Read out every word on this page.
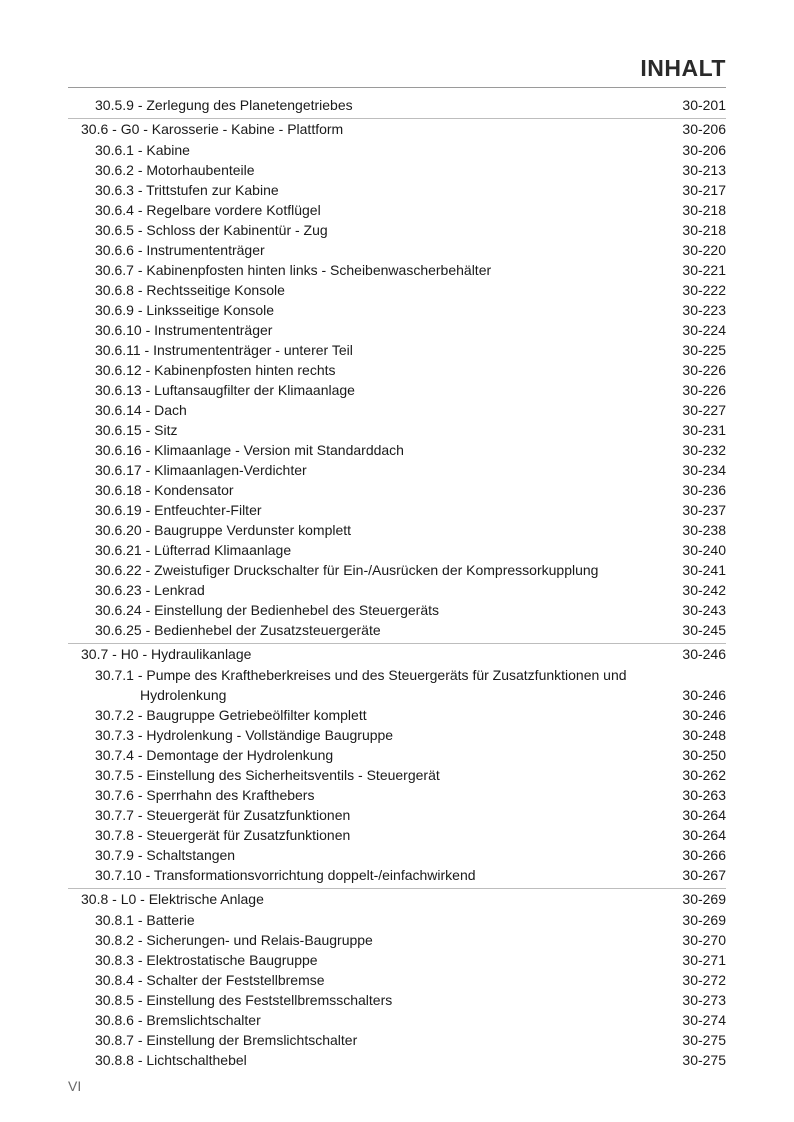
INHALT
30.5.9 - Zerlegung des Planetengetriebes	30-201
30.6 - G0 - Karosserie - Kabine - Plattform	30-206
30.6.1 - Kabine	30-206
30.6.2 - Motorhaubenteile	30-213
30.6.3 - Trittstufen zur Kabine	30-217
30.6.4 - Regelbare vordere Kotflügel	30-218
30.6.5 - Schloss der Kabinentür - Zug	30-218
30.6.6 - Instrumententräger	30-220
30.6.7 - Kabinenpfosten hinten links - Scheibenwascherbehälter	30-221
30.6.8 - Rechtsseitige Konsole	30-222
30.6.9 - Linksseitige Konsole	30-223
30.6.10 - Instrumententräger	30-224
30.6.11 - Instrumententräger - unterer Teil	30-225
30.6.12 - Kabinenpfosten hinten rechts	30-226
30.6.13 - Luftansaugfilter der Klimaanlage	30-226
30.6.14 - Dach	30-227
30.6.15 - Sitz	30-231
30.6.16 - Klimaanlage - Version mit Standarddach	30-232
30.6.17 - Klimaanlagen-Verdichter	30-234
30.6.18 - Kondensator	30-236
30.6.19 - Entfeuchter-Filter	30-237
30.6.20 - Baugruppe Verdunster komplett	30-238
30.6.21 - Lüfterrad Klimaanlage	30-240
30.6.22 - Zweistufiger Druckschalter für Ein-/Ausrücken der Kompressorkupplung	30-241
30.6.23 - Lenkrad	30-242
30.6.24 - Einstellung der Bedienhebel des Steuergeräts	30-243
30.6.25 - Bedienhebel der Zusatzsteuergeräte	30-245
30.7 - H0 - Hydraulikanlage	30-246
30.7.1 - Pumpe des Kraftheberkreises und des Steuergeräts für Zusatzfunktionen und
Hydrolenkung	30-246
30.7.2 - Baugruppe Getriebeölfilter komplett	30-246
30.7.3 - Hydrolenkung - Vollständige Baugruppe	30-248
30.7.4 - Demontage der Hydrolenkung	30-250
30.7.5 - Einstellung des Sicherheitsventils - Steuergerät	30-262
30.7.6 - Sperrhahn des Krafthebers	30-263
30.7.7 - Steuergerät für Zusatzfunktionen	30-264
30.7.8 - Steuergerät für Zusatzfunktionen	30-264
30.7.9 - Schaltstangen	30-266
30.7.10 - Transformationsvorrichtung doppelt-/einfachwirkend	30-267
30.8 - L0 - Elektrische Anlage	30-269
30.8.1 - Batterie	30-269
30.8.2 - Sicherungen- und Relais-Baugruppe	30-270
30.8.3 - Elektrostatische Baugruppe	30-271
30.8.4 - Schalter der Feststellbremse	30-272
30.8.5 - Einstellung des Feststellbremsschalters	30-273
30.8.6 - Bremslichtschalter	30-274
30.8.7 - Einstellung der Bremslichtschalter	30-275
30.8.8 - Lichtschalthebel	30-275
VI
